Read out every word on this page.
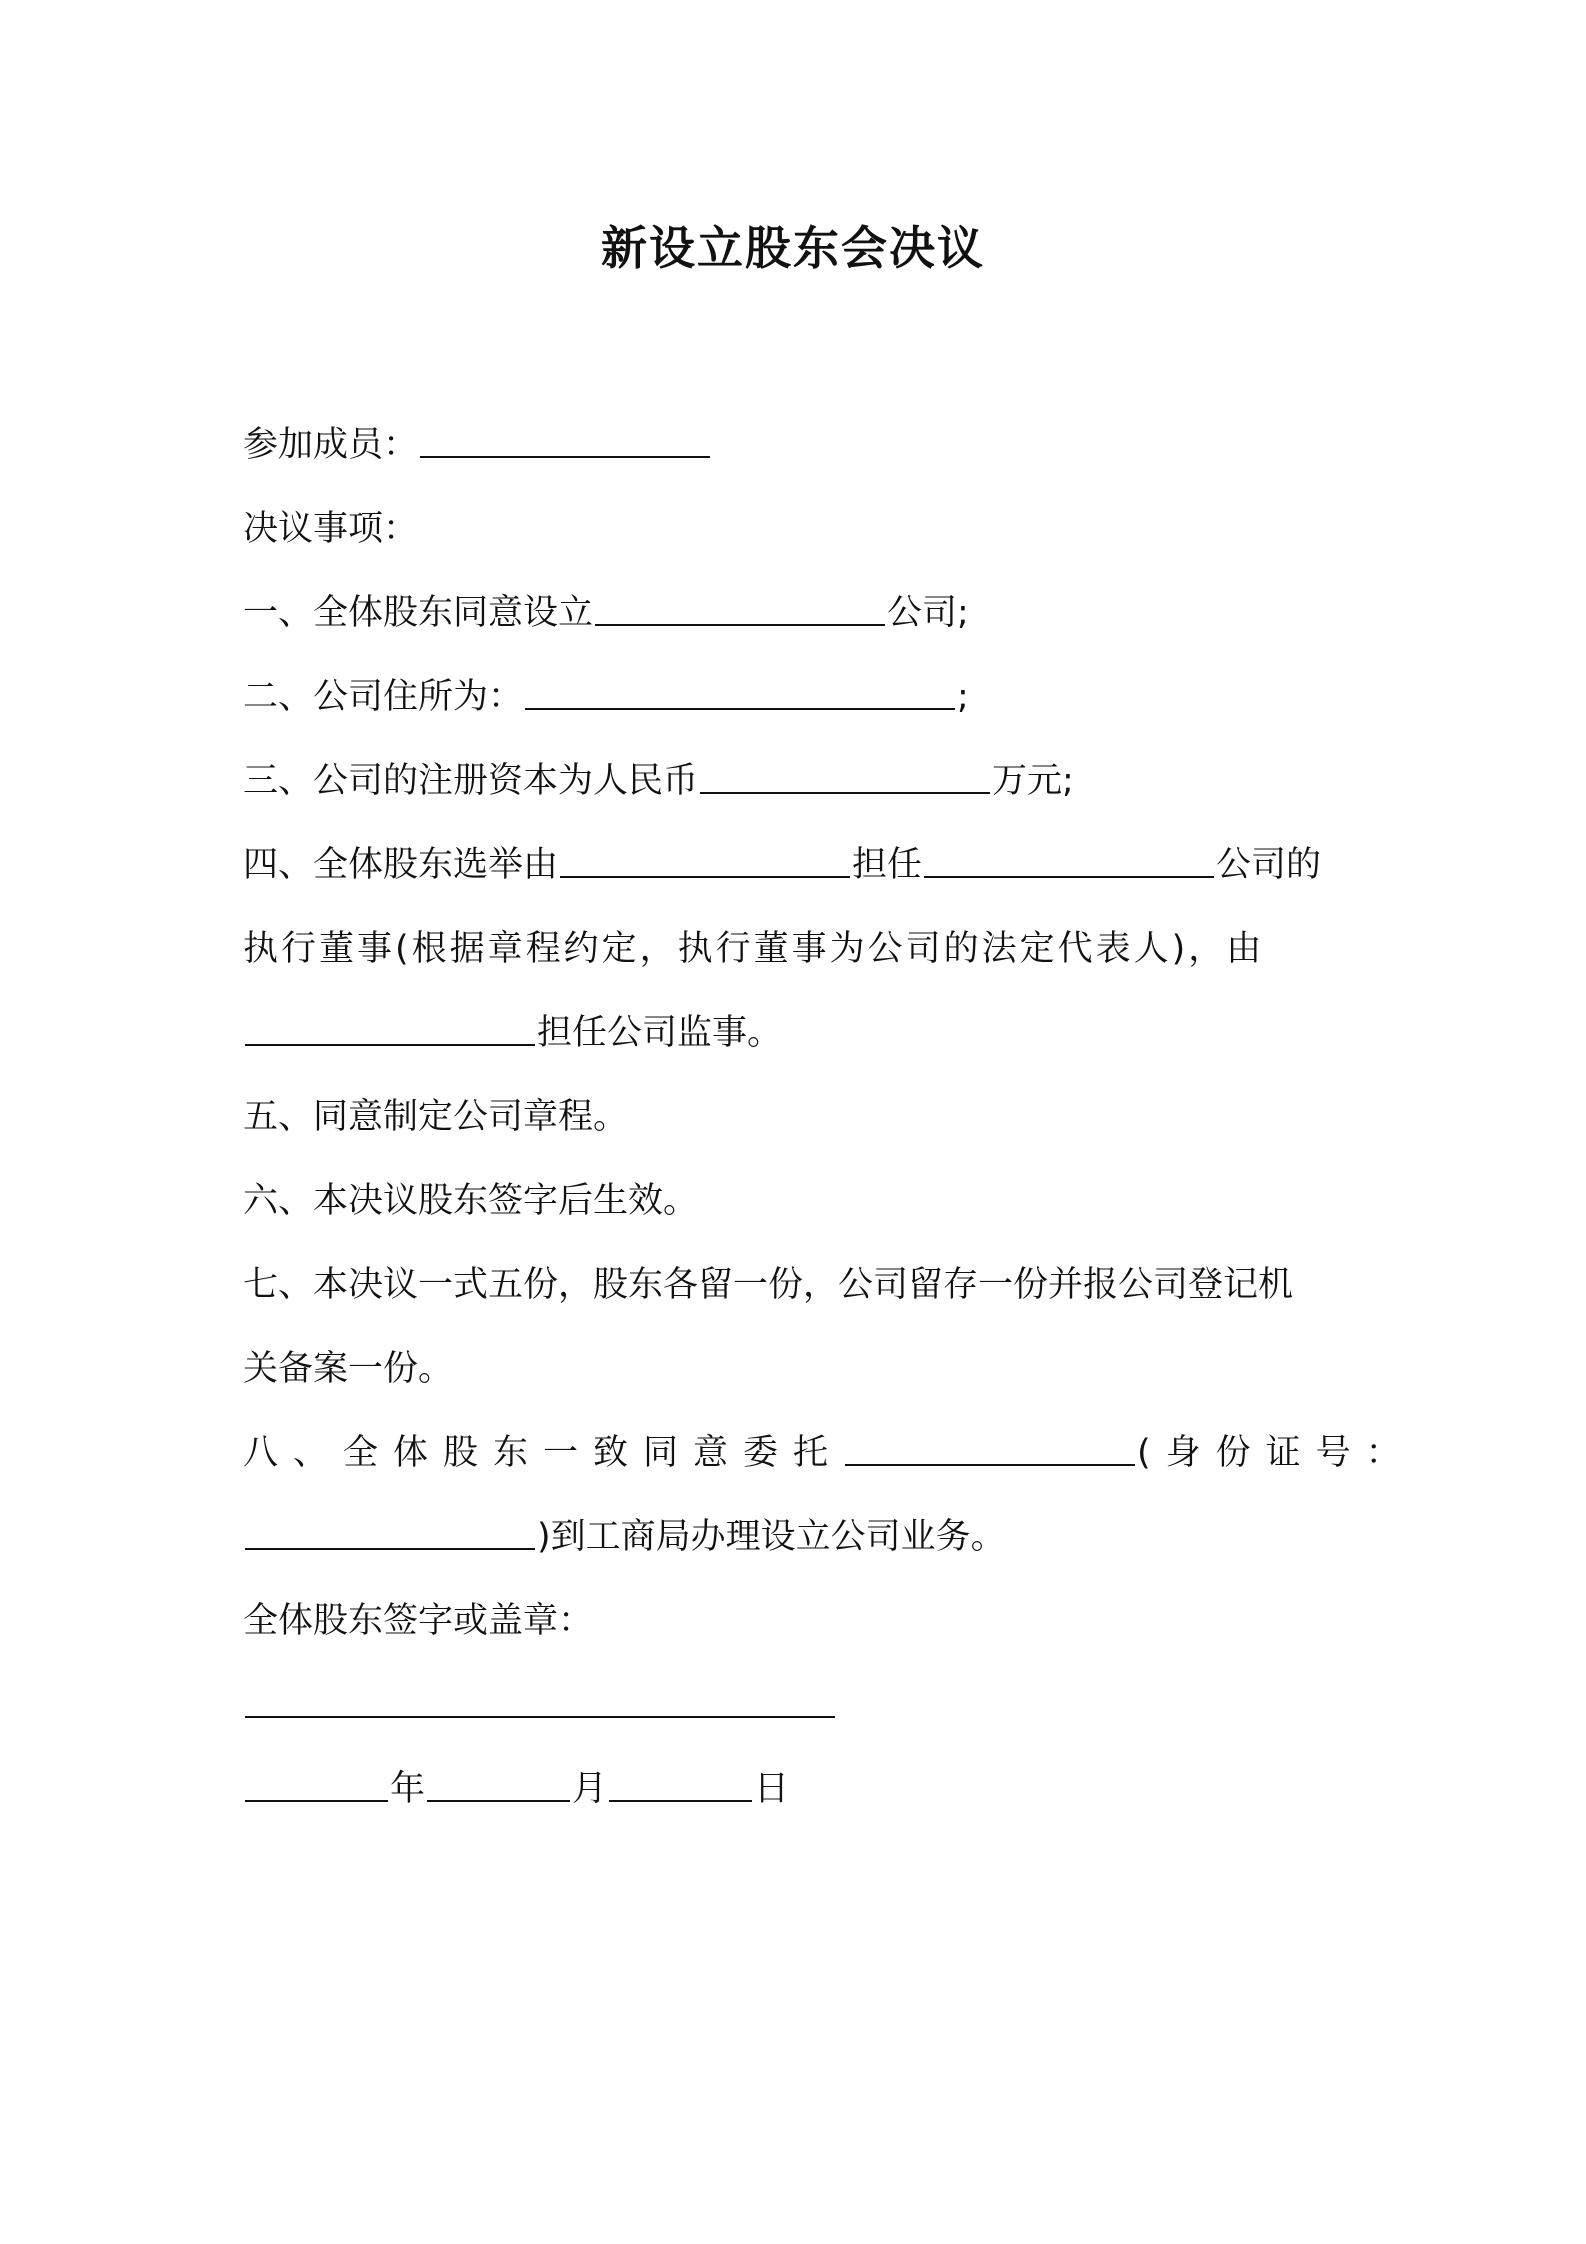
新设立股东会决议
参加成员：
决议事项：
一、全体股东同意设立	公司;
二、公司住所为：	;
三、公司的注册资本为人民币	万元;
四、全体股东选举由	担任	公司的
执行董事(根据章程约定，执行董事为公司的法定代表人)，由
担任公司监事。
五、同意制定公司章程。
六、本决议股东签字后生效。
七、本决议一式五份，股东各留一份，公司留存一份并报公司登记机
关备案一份。
八、全体股东一致同意委托	(身份证号：
)到工商局办理设立公司业务。
全体股东签字或盖章：
年	月	日
